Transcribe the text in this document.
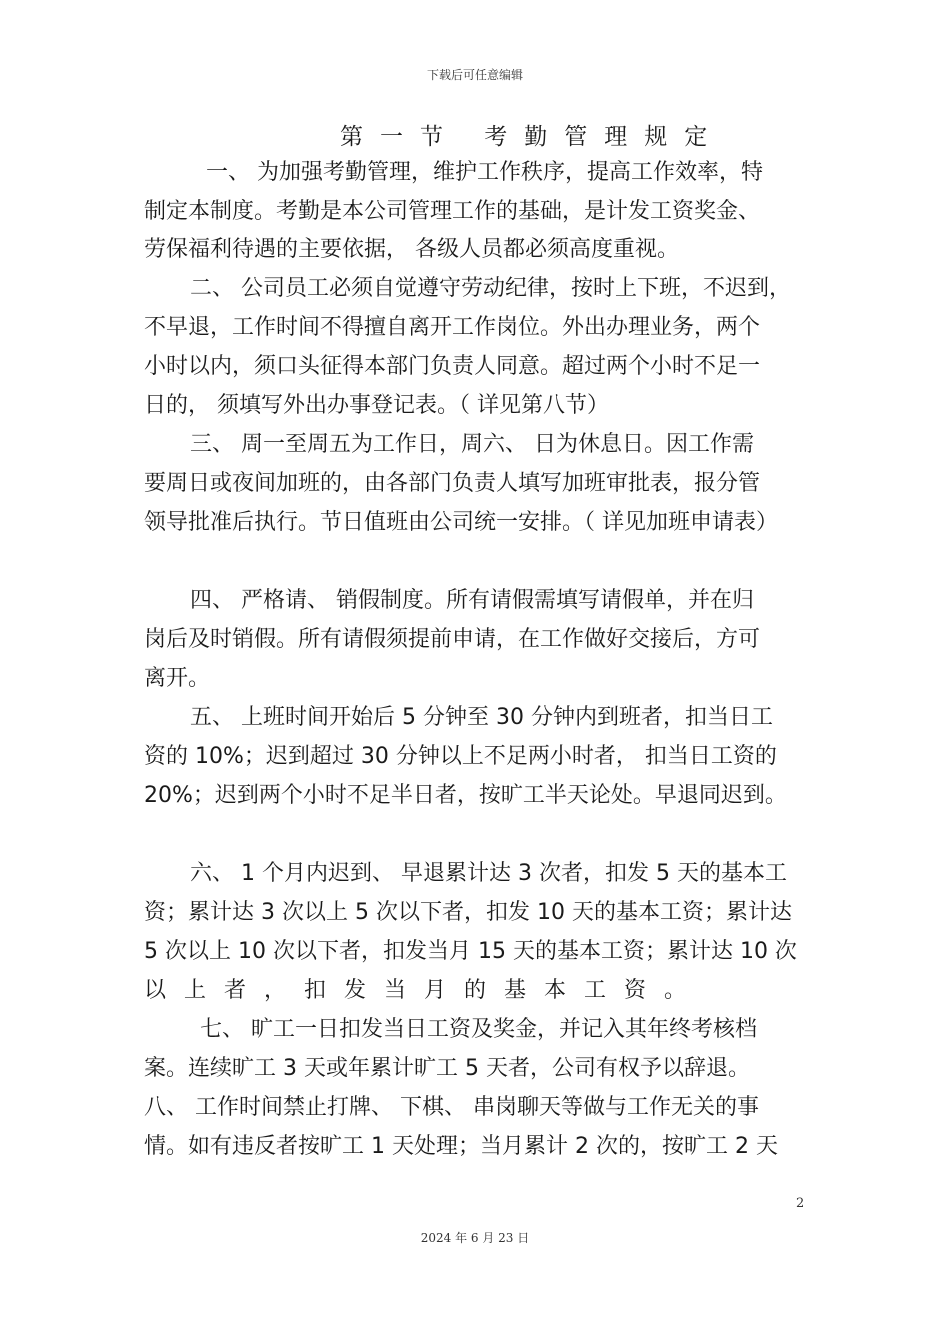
下载后可任意编辑
第一节 考勤管理规定
一、 为加强考勤管理，维护工作秩序，提高工作效率，特
制定本制度。考勤是本公司管理工作的基础，是计发工资奖金、
劳保福利待遇的主要依据， 各级人员都必须高度重视。
二、 公司员工必须自觉遵守劳动纪律，按时上下班，不迟到，
不早退，工作时间不得擅自离开工作岗位。外出办理业务，两个
小时以内，须口头征得本部门负责人同意。超过两个小时不足一
日的， 须填写外出办事登记表。（ 详见第八节）
三、 周一至周五为工作日，周六、 日为休息日。因工作需
要周日或夜间加班的，由各部门负责人填写加班审批表，报分管
领导批准后执行。节日值班由公司统一安排。（ 详见加班申请表）
四、 严格请、 销假制度。所有请假需填写请假单，并在归
岗后及时销假。所有请假须提前申请，在工作做好交接后，方可
离开。
五、 上班时间开始后 5 分钟至 30 分钟内到班者，扣当日工
资的 10%；迟到超过 30 分钟以上不足两小时者， 扣当日工资的
20%；迟到两个小时不足半日者，按旷工半天论处。早退同迟到。
六、 1 个月内迟到、 早退累计达 3 次者，扣发 5 天的基本工
资；累计达 3 次以上 5 次以下者，扣发 10 天的基本工资；累计达
5 次以上 10 次以下者，扣发当月 15 天的基本工资；累计达 10 次
以上者，扣发当月的基本工资。
七、 旷工一日扣发当日工资及奖金，并记入其年终考核档
案。连续旷工 3 天或年累计旷工 5 天者，公司有权予以辞退。
八、 工作时间禁止打牌、 下棋、 串岗聊天等做与工作无关的事
情。如有违反者按旷工 1 天处理；当月累计 2 次的，按旷工 2 天
2
2024 年 6 月 23 日
